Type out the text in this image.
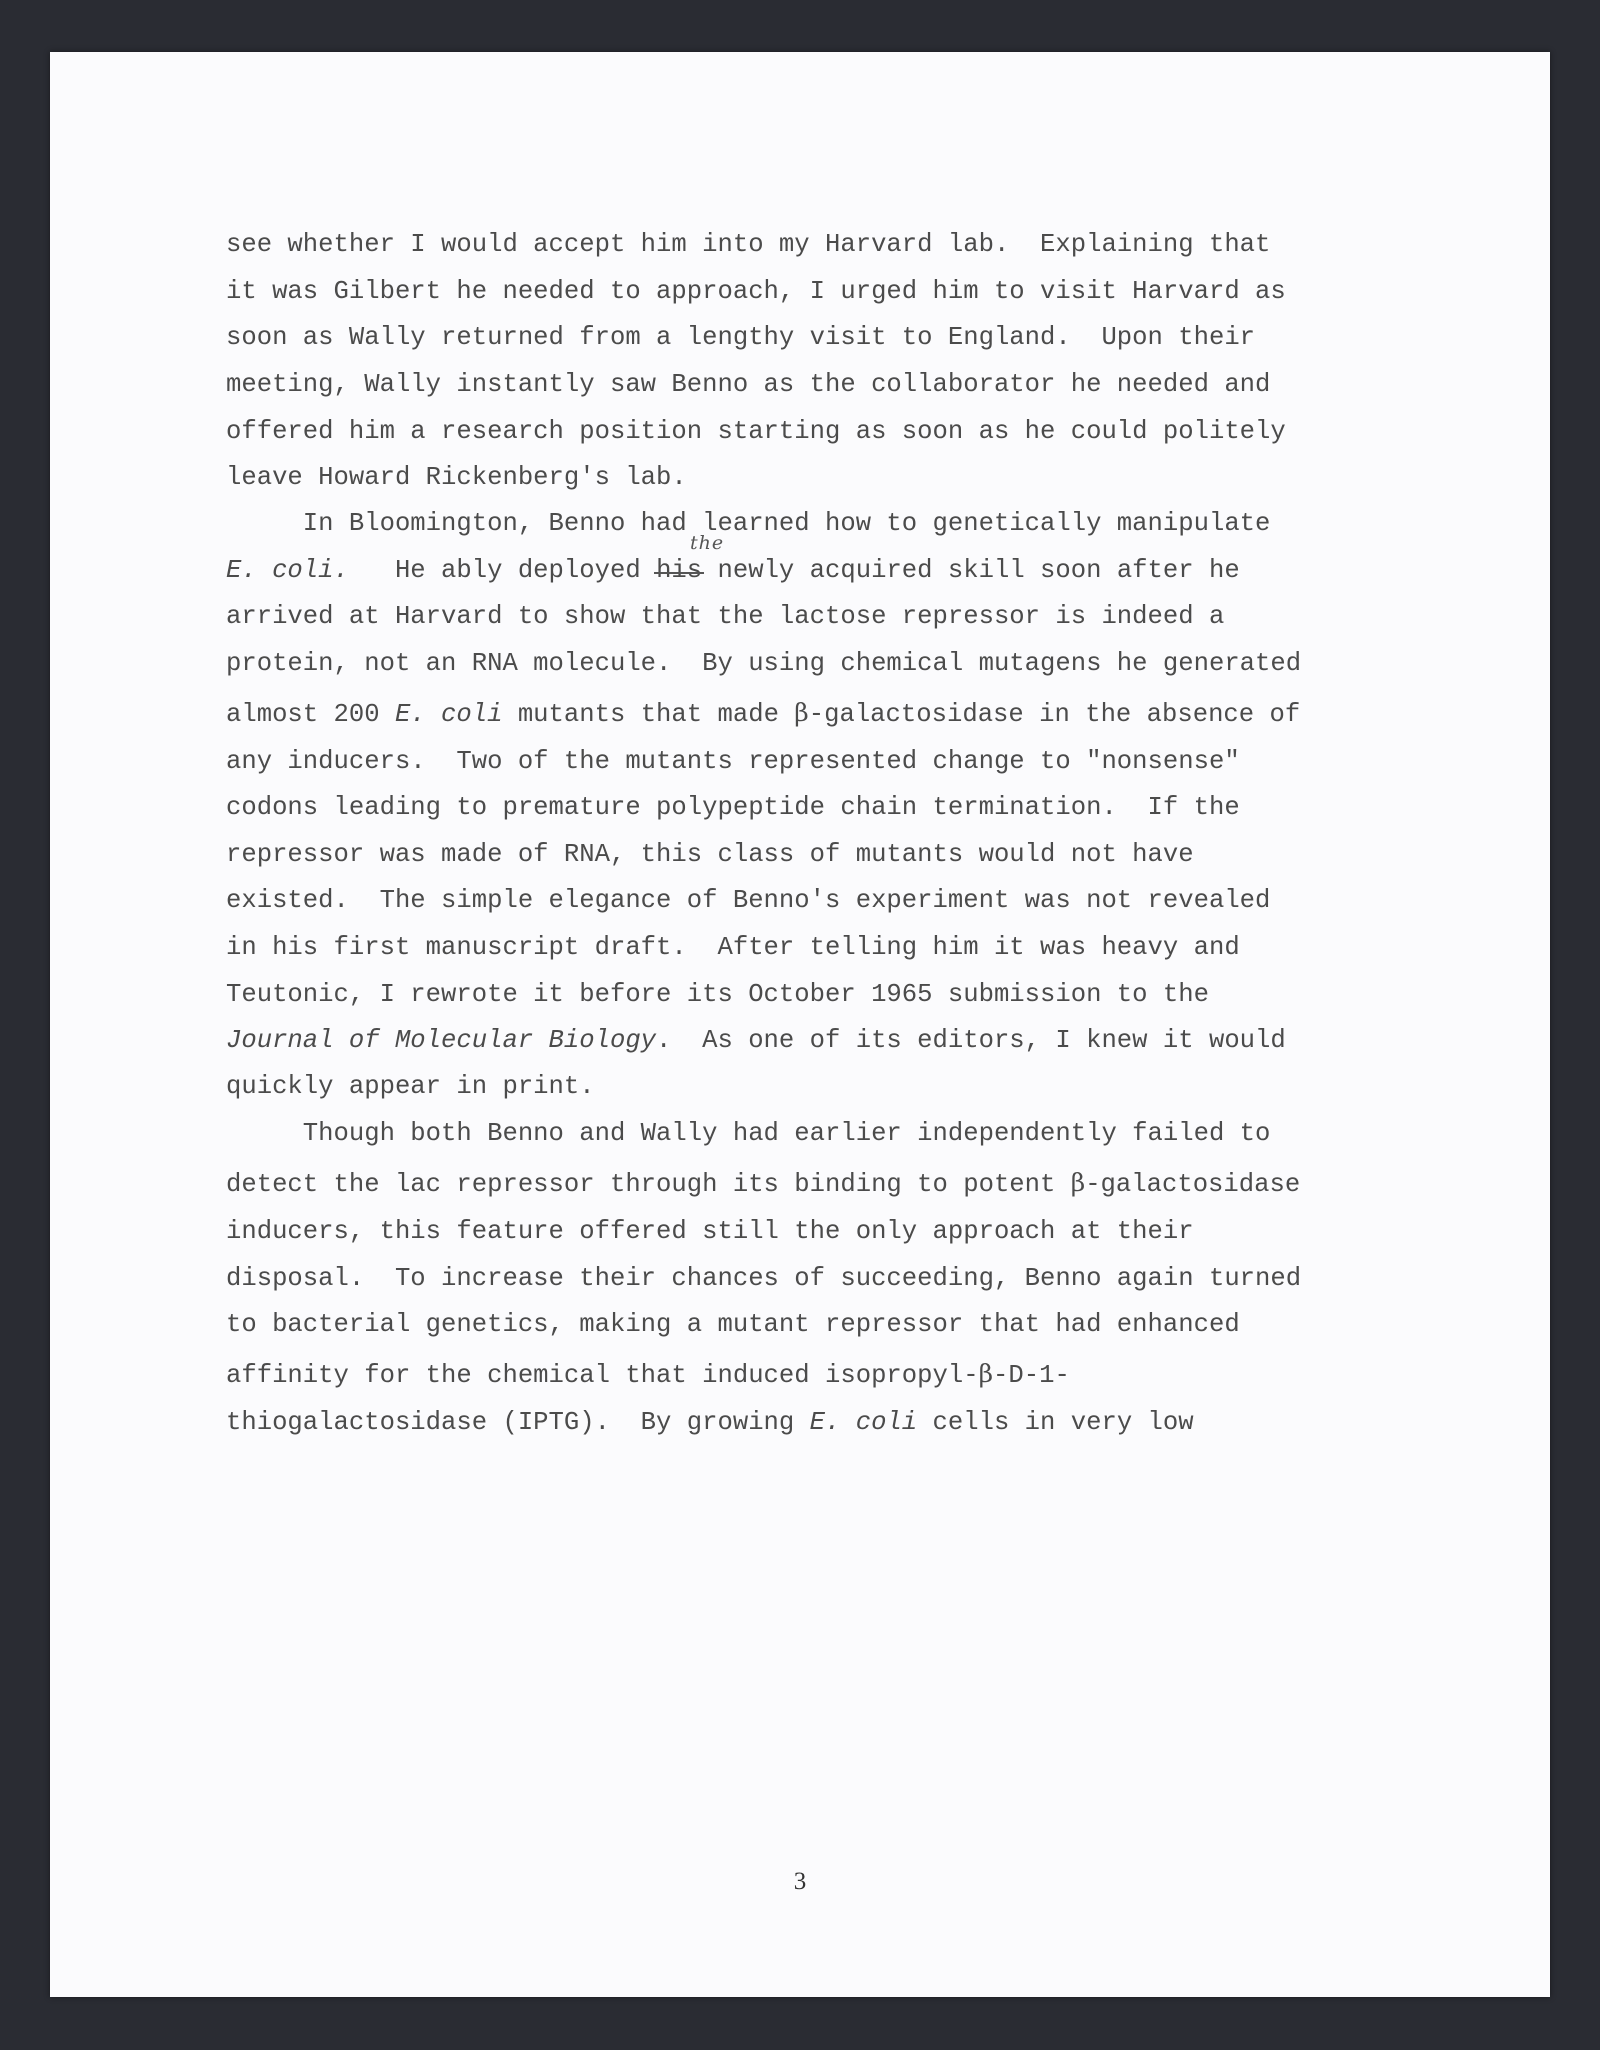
see whether I would accept him into my Harvard lab.  Explaining that
it was Gilbert he needed to approach, I urged him to visit Harvard as
soon as Wally returned from a lengthy visit to England.  Upon their
meeting, Wally instantly saw Benno as the collaborator he needed and
offered him a research position starting as soon as he could politely
leave Howard Rickenberg's lab.
In Bloomington, Benno had learned how to genetically manipulate
E. coli.   He ably deployed his newly acquired skill soon after he
the
arrived at Harvard to show that the lactose repressor is indeed a
protein, not an RNA molecule.  By using chemical mutagens he generated
almost 200 E. coli mutants that made β-galactosidase in the absence of
any inducers.  Two of the mutants represented change to "nonsense"
codons leading to premature polypeptide chain termination.  If the
repressor was made of RNA, this class of mutants would not have
existed.  The simple elegance of Benno's experiment was not revealed
in his first manuscript draft.  After telling him it was heavy and
Teutonic, I rewrote it before its October 1965 submission to the
Journal of Molecular Biology.  As one of its editors, I knew it would
quickly appear in print.
Though both Benno and Wally had earlier independently failed to
detect the lac repressor through its binding to potent β-galactosidase
inducers, this feature offered still the only approach at their
disposal.  To increase their chances of succeeding, Benno again turned
to bacterial genetics, making a mutant repressor that had enhanced
affinity for the chemical that induced isopropyl-β-D-1-
thiogalactosidase (IPTG).  By growing E. coli cells in very low
3
